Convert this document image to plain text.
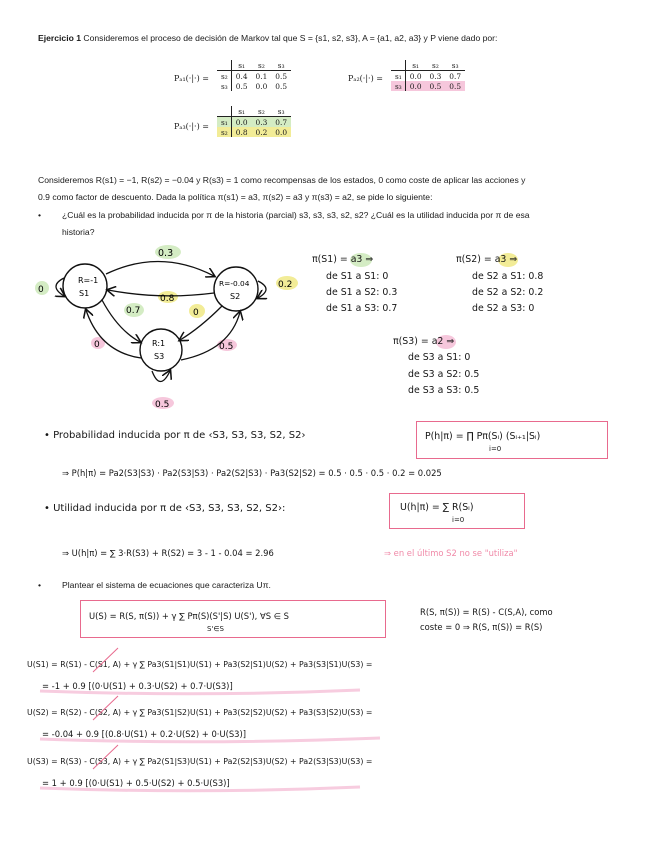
Ejercicio 1 Consideremos el proceso de decisión de Markov tal que S = {s1, s2, s3}, A = {a1, a2, a3} y P viene dado por:
Pₐ₁(·|·) =
	s₁	s₂	s₃
s₂	0.4	0.1	0.5
s₃	0.5	0.0	0.5
Pₐ₂(·|·) =
	s₁	s₂	s₃
s₁	0.0	0.3	0.7
s₃	0.0	0.5	0.5
Pₐ₃(·|·) =
	s₁	s₂	s₃
s₁	0.0	0.3	0.7
s₂	0.8	0.2	0.0
Consideremos R(s1) = −1, R(s2) = −0.04 y R(s3) = 1 como recompensas de los estados, 0 como coste de aplicar las acciones y
0.9 como factor de descuento. Dada la política π(s1) = a3, π(s2) = a3 y π(s3) = a2, se pide lo siguiente:
• ¿Cuál es la probabilidad inducida por π de la historia (parcial) s3, s3, s3, s2, s2? ¿Cuál es la utilidad inducida por π de esa
historia?
R=-1
S1
R=-0.04
S2
R:1
S3
0.3
0.8
0.7	0
0	0.5
0	0.2
0.5
π(S1) = a3 ⇒
de S1 a S1: 0
de S1 a S2: 0.3
de S1 a S3: 0.7
π(S2) = a3 ⇒
de S2 a S1: 0.8
de S2 a S2: 0.2
de S2 a S3: 0
π(S3) = a2 ⇒
de S3 a S1: 0
de S3 a S2: 0.5
de S3 a S3: 0.5
• Probabilidad inducida por π de ‹S3, S3, S3, S2, S2›	P(h|π) = ∏ Pπ(Sᵢ) (Sᵢ₊₁|Sᵢ)
i=0
⇒ P(h|π) = Pa2(S3|S3) · Pa2(S3|S3) · Pa2(S2|S3) · Pa3(S2|S2) = 0.5 · 0.5 · 0.5 · 0.2 = 0.025
• Utilidad inducida por π de ‹S3, S3, S3, S2, S2›:	U(h|π) = ∑ R(Sᵢ)
i=0
⇒ U(h|π) = ∑ 3·R(S3) + R(S2) = 3 - 1 - 0.04 = 2.96	⇒ en el último S2 no se "utiliza"
• Plantear el sistema de ecuaciones que caracteriza Uπ.
U(S) = R(S, π(S)) + γ ∑ Pπ(S)(S'|S) U(S'), ∀S ∈ S
S'∈S
R(S, π(S)) = R(S) - C(S,A), como
coste = 0 ⇒ R(S, π(S)) = R(S)
U(S1) = R(S1) - C(S1, A) + γ ∑ Pa3(S1|S1)U(S1) + Pa3(S2|S1)U(S2) + Pa3(S3|S1)U(S3) =
= -1 + 0.9 [(0·U(S1) + 0.3·U(S2) + 0.7·U(S3)]
U(S2) = R(S2) - C(S2, A) + γ ∑ Pa3(S1|S2)U(S1) + Pa3(S2|S2)U(S2) + Pa3(S3|S2)U(S3) =
= -0.04 + 0.9 [(0.8·U(S1) + 0.2·U(S2) + 0·U(S3)]
U(S3) = R(S3) - C(S3, A) + γ ∑ Pa2(S1|S3)U(S1) + Pa2(S2|S3)U(S2) + Pa2(S3|S3)U(S3) =
= 1 + 0.9 [(0·U(S1) + 0.5·U(S2) + 0.5·U(S3)]
